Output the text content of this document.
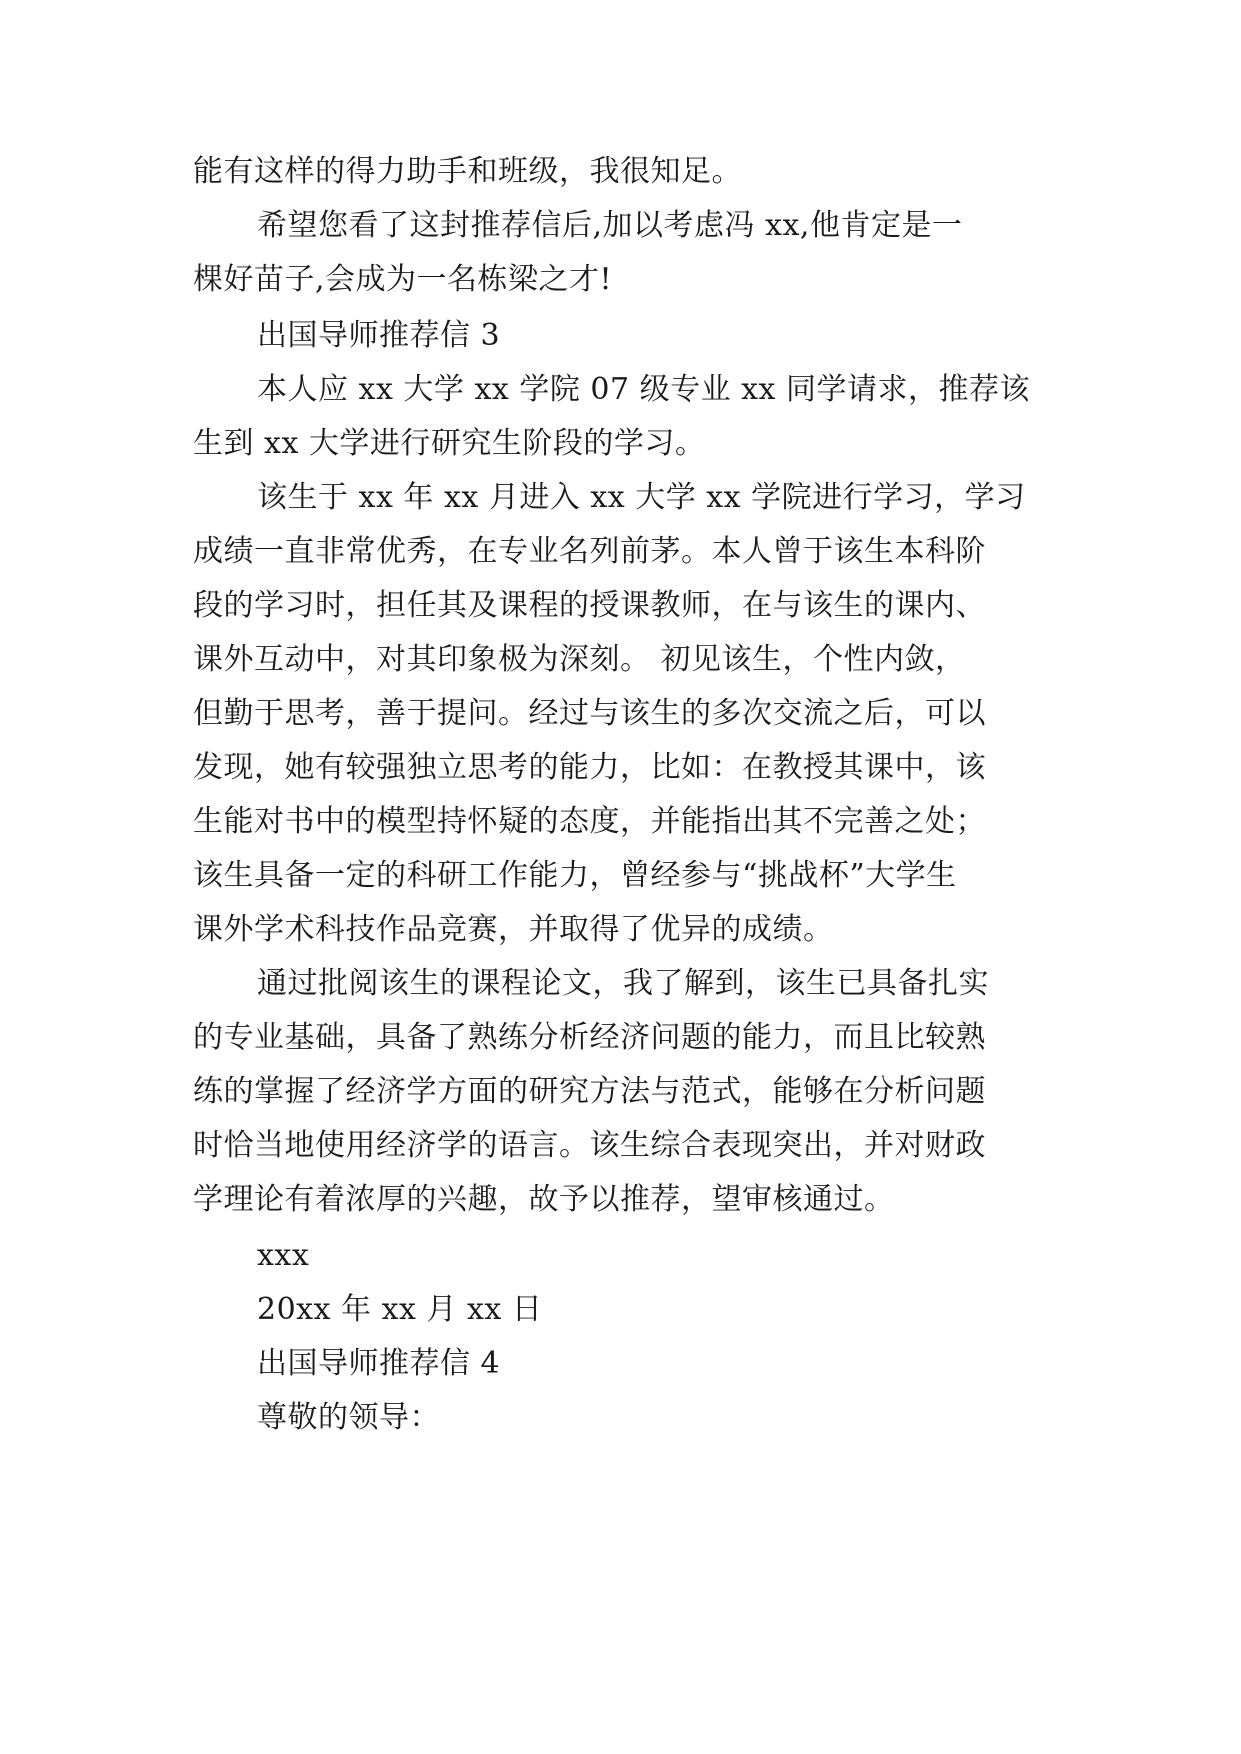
能有这样的得力助手和班级，我很知足。
希望您看了这封推荐信后,加以考虑冯 xx,他肯定是一
棵好苗子,会成为一名栋梁之才!
出国导师推荐信 3
本人应 xx 大学 xx 学院 07 级专业 xx 同学请求，推荐该
生到 xx 大学进行研究生阶段的学习。
该生于 xx 年 xx 月进入 xx 大学 xx 学院进行学习，学习
成绩一直非常优秀，在专业名列前茅。本人曾于该生本科阶
段的学习时，担任其及课程的授课教师，在与该生的课内、
课外互动中，对其印象极为深刻。 初见该生，个性内敛，
但勤于思考，善于提问。经过与该生的多次交流之后，可以
发现，她有较强独立思考的能力，比如：在教授其课中，该
生能对书中的模型持怀疑的态度，并能指出其不完善之处；
该生具备一定的科研工作能力，曾经参与“挑战杯”大学生
课外学术科技作品竞赛，并取得了优异的成绩。
通过批阅该生的课程论文，我了解到，该生已具备扎实
的专业基础，具备了熟练分析经济问题的能力，而且比较熟
练的掌握了经济学方面的研究方法与范式，能够在分析问题
时恰当地使用经济学的语言。该生综合表现突出，并对财政
学理论有着浓厚的兴趣，故予以推荐，望审核通过。
xxx
20xx 年 xx 月 xx 日
出国导师推荐信 4
尊敬的领导：
